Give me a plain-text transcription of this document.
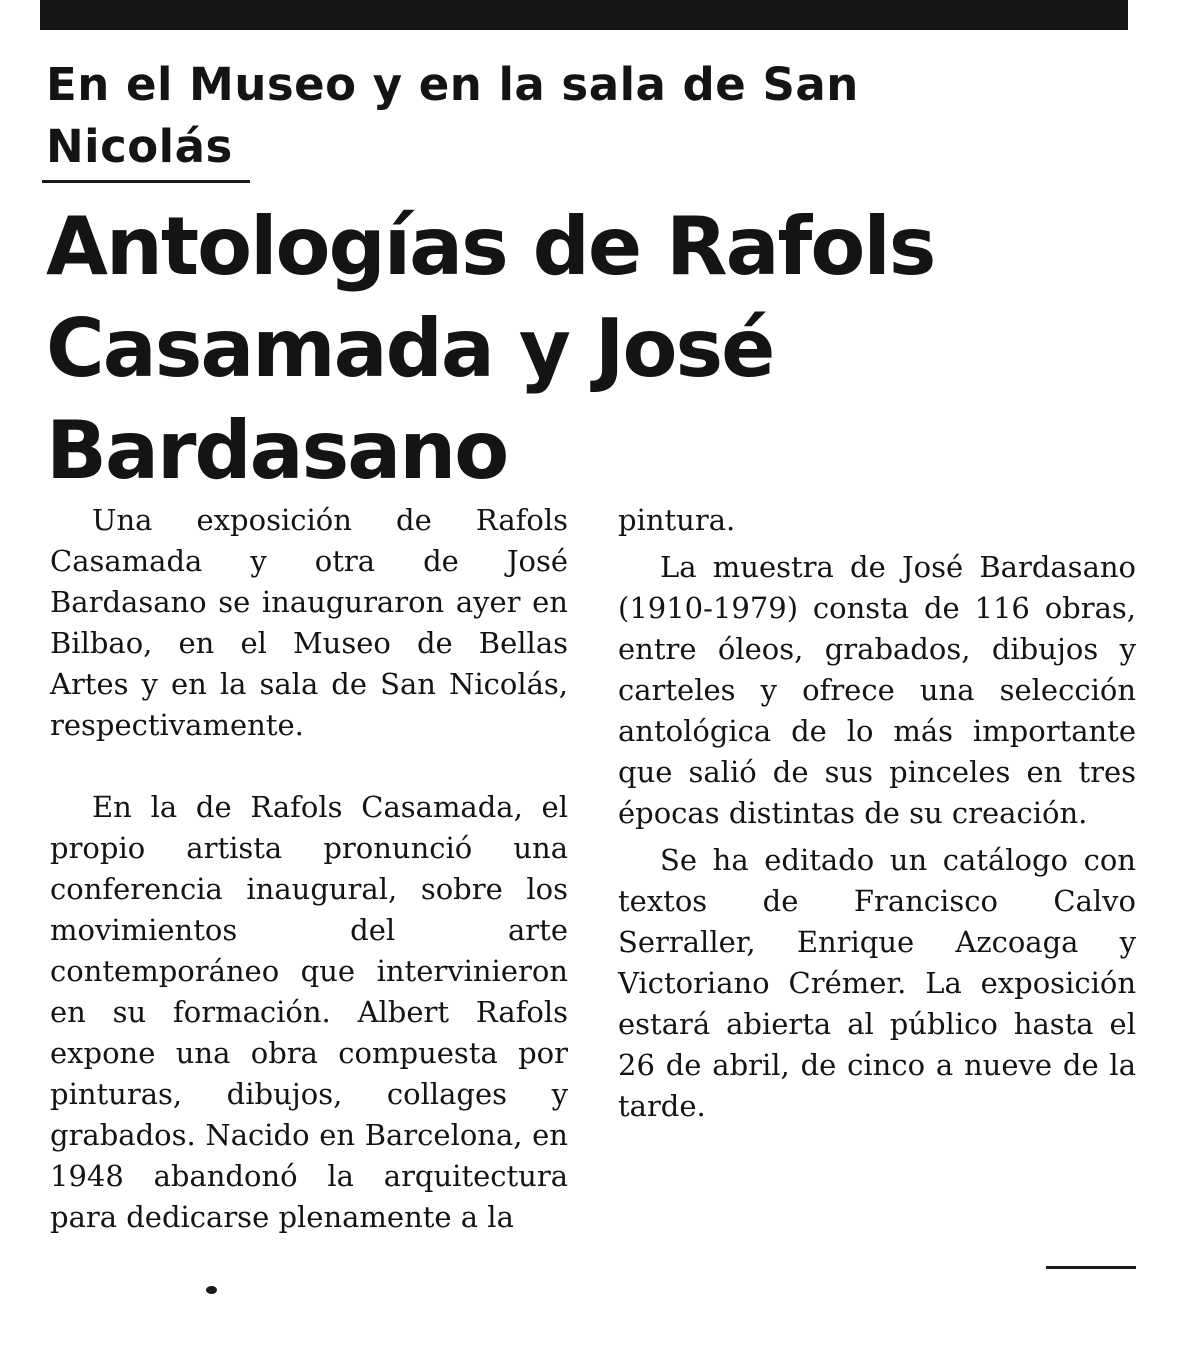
En el Museo y en la sala de San Nicolás
Antologías de Rafols Casamada y José Bardasano

Una exposición de Rafols Casamada y otra de José Bardasano se inauguraron ayer en Bilbao, en el Museo de Bellas Artes y en la sala de San Nicolás, respectivamente.

En la de Rafols Casamada, el propio artista pronunció una conferencia inaugural, sobre los movimientos del arte contemporáneo que intervinieron en su formación. Albert Rafols expone una obra compuesta por pinturas, dibujos, collages y grabados. Nacido en Barcelona, en 1948 abandonó la arquitectura para dedicarse plenamente a la

pintura.

La muestra de José Bardasano (1910-1979) consta de 116 obras, entre óleos, grabados, dibujos y carteles y ofrece una selección antológica de lo más importante que salió de sus pinceles en tres épocas distintas de su creación.

Se ha editado un catálogo con textos de Francisco Calvo Serraller, Enrique Azcoaga y Victoriano Crémer. La exposición estará abierta al público hasta el 26 de abril, de cinco a nueve de la tarde.
